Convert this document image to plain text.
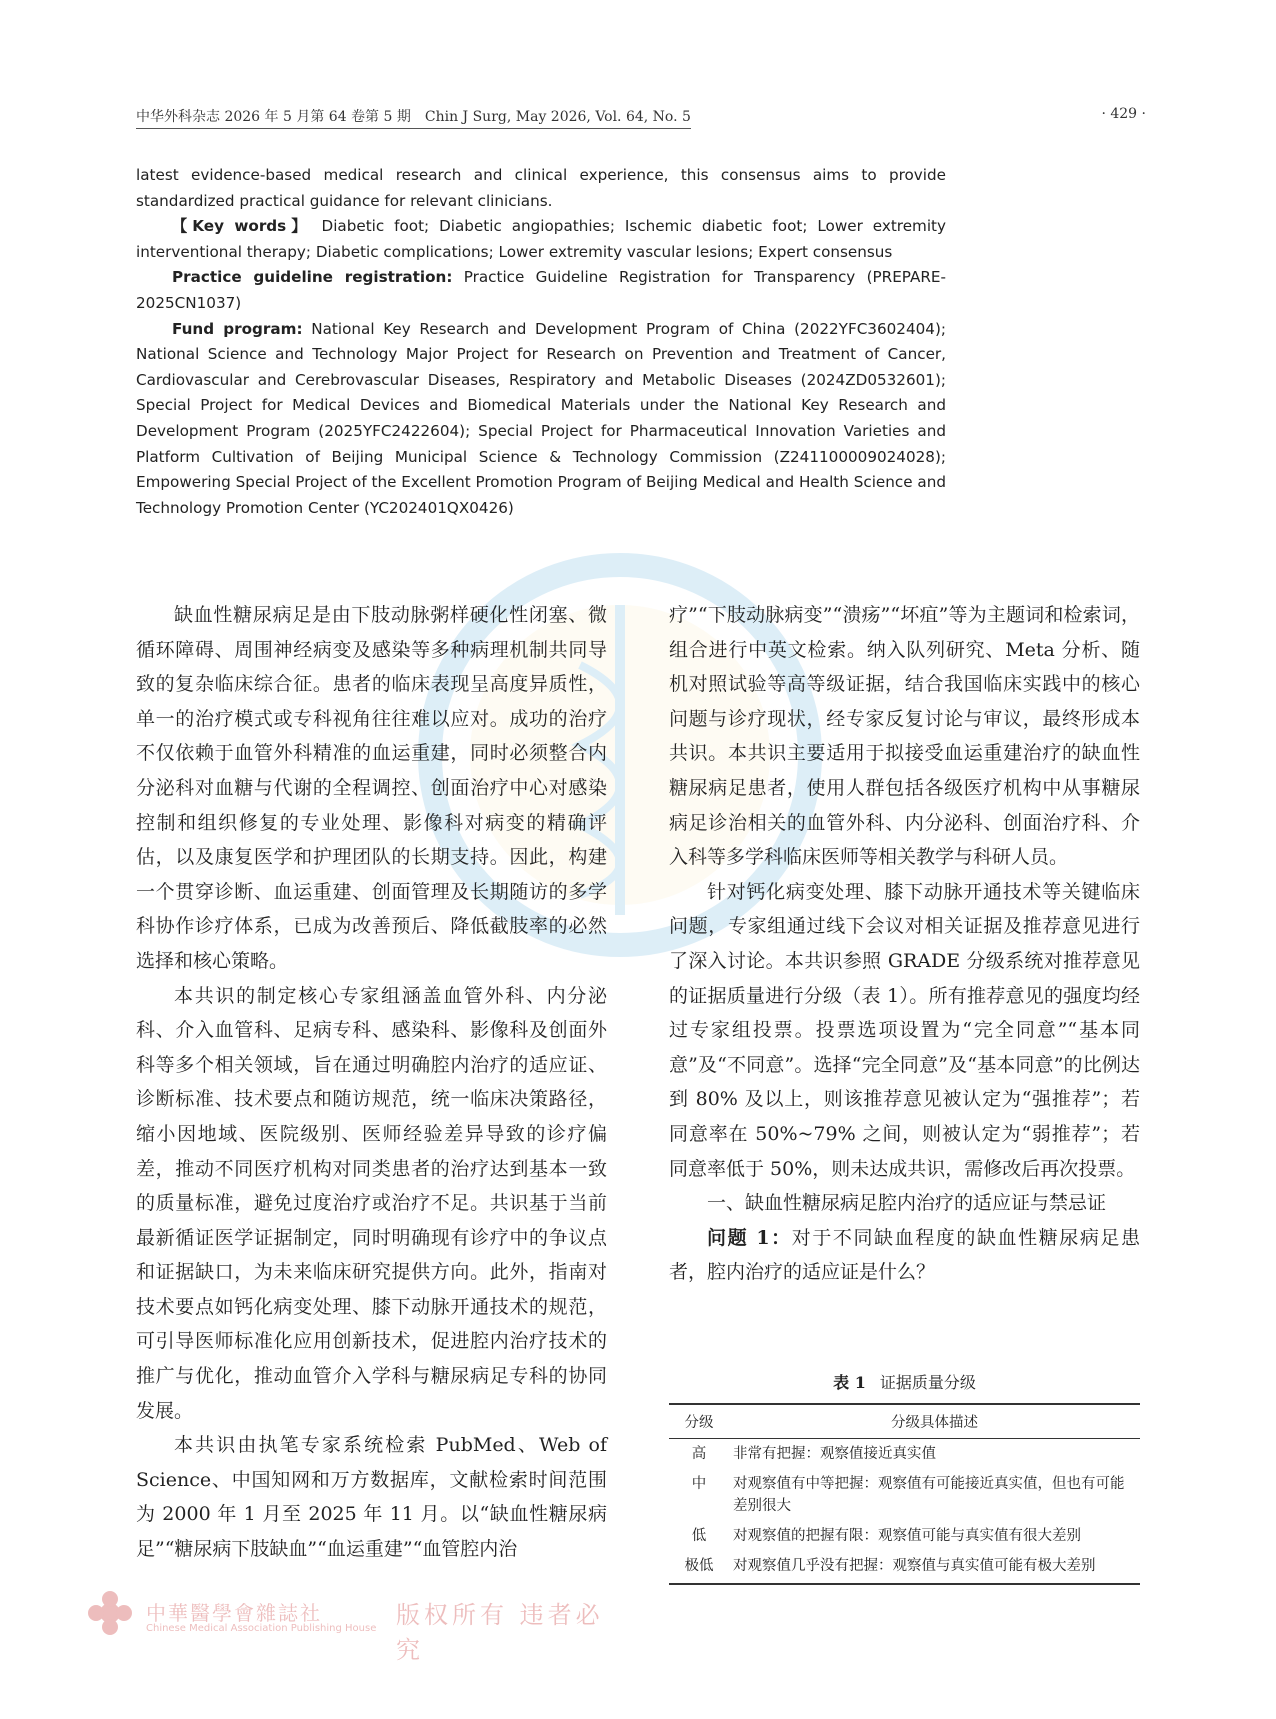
中华外科杂志 2026 年 5 月第 64 卷第 5 期　Chin J Surg, May 2026, Vol. 64, No. 5	· 429 ·

latest evidence-based medical research and clinical experience, this consensus aims to provide standardized practical guidance for relevant clinicians.

【Key words】 Diabetic foot; Diabetic angiopathies; Ischemic diabetic foot; Lower extremity interventional therapy; Diabetic complications; Lower extremity vascular lesions; Expert consensus

Practice guideline registration: Practice Guideline Registration for Transparency (PREPARE-2025CN1037)

Fund program: National Key Research and Development Program of China (2022YFC3602404); National Science and Technology Major Project for Research on Prevention and Treatment of Cancer, Cardiovascular and Cerebrovascular Diseases, Respiratory and Metabolic Diseases (2024ZD0532601); Special Project for Medical Devices and Biomedical Materials under the National Key Research and Development Program (2025YFC2422604); Special Project for Pharmaceutical Innovation Varieties and Platform Cultivation of Beijing Municipal Science & Technology Commission (Z241100009024028); Empowering Special Project of the Excellent Promotion Program of Beijing Medical and Health Science and Technology Promotion Center (YC202401QX0426)

缺血性糖尿病足是由下肢动脉粥样硬化性闭塞、微循环障碍、周围神经病变及感染等多种病理机制共同导致的复杂临床综合征。患者的临床表现呈高度异质性，单一的治疗模式或专科视角往往难以应对。成功的治疗不仅依赖于血管外科精准的血运重建，同时必须整合内分泌科对血糖与代谢的全程调控、创面治疗中心对感染控制和组织修复的专业处理、影像科对病变的精确评估，以及康复医学和护理团队的长期支持。因此，构建一个贯穿诊断、血运重建、创面管理及长期随访的多学科协作诊疗体系，已成为改善预后、降低截肢率的必然选择和核心策略。

本共识的制定核心专家组涵盖血管外科、内分泌科、介入血管科、足病专科、感染科、影像科及创面外科等多个相关领域，旨在通过明确腔内治疗的适应证、诊断标准、技术要点和随访规范，统一临床决策路径，缩小因地域、医院级别、医师经验差异导致的诊疗偏差，推动不同医疗机构对同类患者的治疗达到基本一致的质量标准，避免过度治疗或治疗不足。共识基于当前最新循证医学证据制定，同时明确现有诊疗中的争议点和证据缺口，为未来临床研究提供方向。此外，指南对技术要点如钙化病变处理、膝下动脉开通技术的规范，可引导医师标准化应用创新技术，促进腔内治疗技术的推广与优化，推动血管介入学科与糖尿病足专科的协同发展。

本共识由执笔专家系统检索 PubMed、Web of Science、中国知网和万方数据库，文献检索时间范围为 2000 年 1 月至 2025 年 11 月。以“缺血性糖尿病足”“糖尿病下肢缺血”“血运重建”“血管腔内治

疗”“下肢动脉病变”“溃疡”“坏疽”等为主题词和检索词，组合进行中英文检索。纳入队列研究、Meta 分析、随机对照试验等高等级证据，结合我国临床实践中的核心问题与诊疗现状，经专家反复讨论与审议，最终形成本共识。本共识主要适用于拟接受血运重建治疗的缺血性糖尿病足患者，使用人群包括各级医疗机构中从事糖尿病足诊治相关的血管外科、内分泌科、创面治疗科、介入科等多学科临床医师等相关教学与科研人员。

针对钙化病变处理、膝下动脉开通技术等关键临床问题，专家组通过线下会议对相关证据及推荐意见进行了深入讨论。本共识参照 GRADE 分级系统对推荐意见的证据质量进行分级（表 1）。所有推荐意见的强度均经过专家组投票。投票选项设置为“完全同意”“基本同意”及“不同意”。选择“完全同意”及“基本同意”的比例达到 80% 及以上，则该推荐意见被认定为“强推荐”；若同意率在 50%~79% 之间，则被认定为“弱推荐”；若同意率低于 50%，则未达成共识，需修改后再次投票。

一、缺血性糖尿病足腔内治疗的适应证与禁忌证

问题 1：对于不同缺血程度的缺血性糖尿病足患者，腔内治疗的适应证是什么？

表 1 证据质量分级
分级	分级具体描述
高	非常有把握：观察值接近真实值
中	对观察值有中等把握：观察值有可能接近真实值，但也有可能差别很大
低	对观察值的把握有限：观察值可能与真实值有很大差别
极低	对观察值几乎没有把握：观察值与真实值可能有极大差别
中華醫學會雜誌社
Chinese Medical Association Publishing House 版权所有 违者必究
